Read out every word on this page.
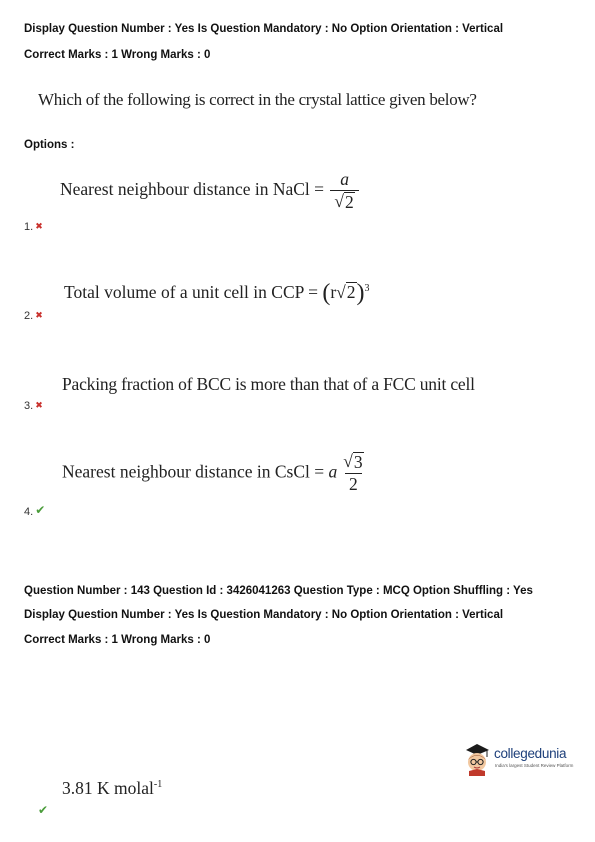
Display Question Number : Yes Is Question Mandatory : No Option Orientation : Vertical
Correct Marks : 1 Wrong Marks : 0
Which of the following is correct in the crystal lattice given below?
Options :
Nearest neighbour distance in NaCl = $\frac{a}{√ 2}$
1. ✖
Total volume of a unit cell in CCP = (r √ 2 )$^3$
2. ✖
Packing fraction of BCC is more than that of a FCC unit cell
3. ✖
Nearest neighbour distance in CsCl = a $\frac{√ 3}{2}$
4. ✔
Question Number : 143 Question Id : 3426041263 Question Type : MCQ Option Shuffling : Yes
Display Question Number : Yes Is Question Mandatory : No Option Orientation : Vertical
Correct Marks : 1 Wrong Marks : 0
collegedunia
India's largest Student Review Platform
3.81 K molal$^{-1}$
✔
